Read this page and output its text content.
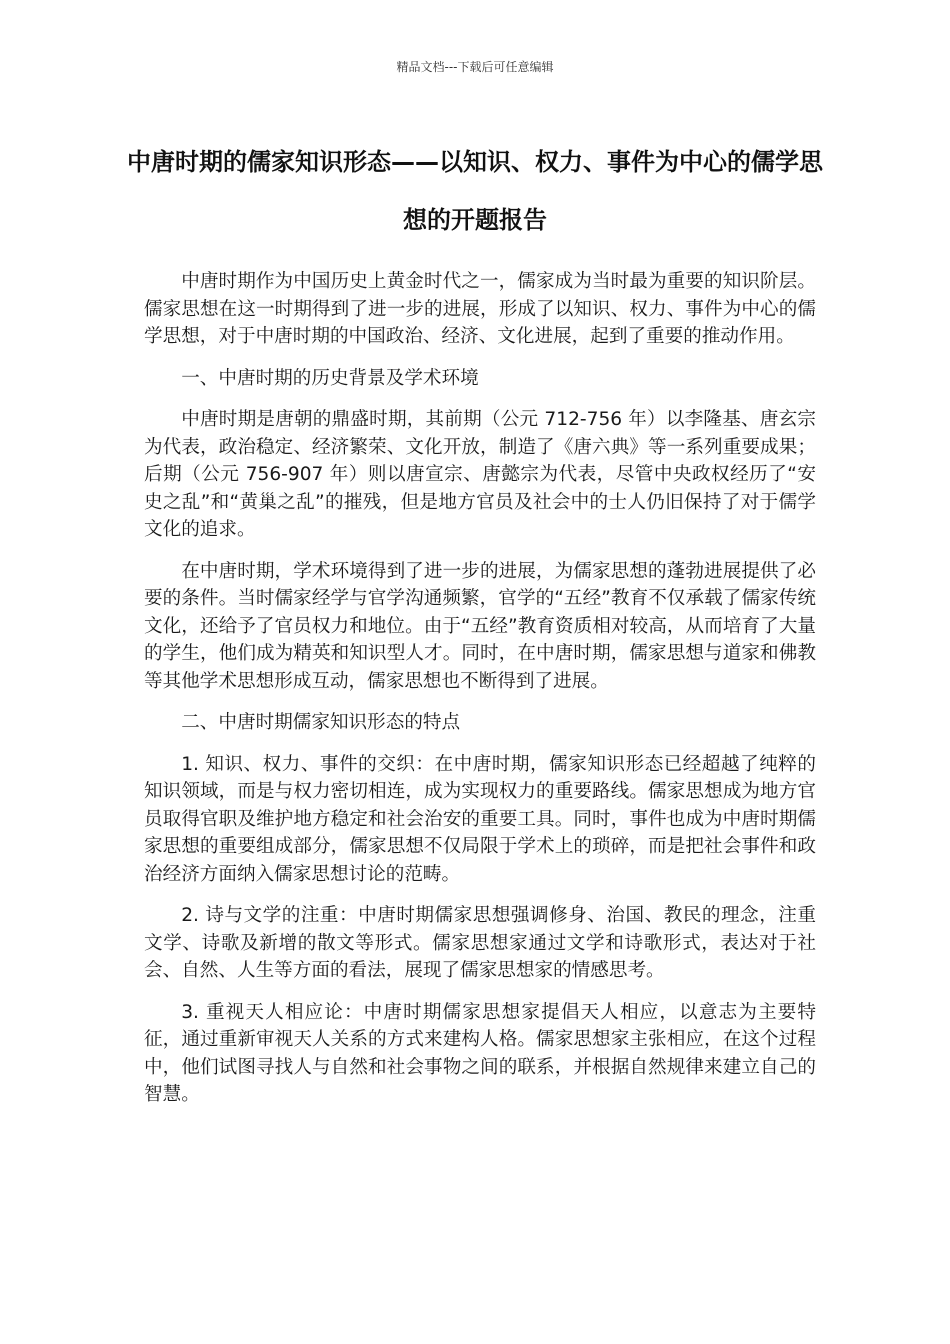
精品文档---下载后可任意编辑
中唐时期的儒家知识形态——以知识、权力、事件为中心的儒学思想的开题报告

中唐时期作为中国历史上黄金时代之一，儒家成为当时最为重要的知识阶层。儒家思想在这一时期得到了进一步的进展，形成了以知识、权力、事件为中心的儒学思想，对于中唐时期的中国政治、经济、文化进展，起到了重要的推动作用。

一、中唐时期的历史背景及学术环境

中唐时期是唐朝的鼎盛时期，其前期（公元 712-756 年）以李隆基、唐玄宗为代表，政治稳定、经济繁荣、文化开放，制造了《唐六典》等一系列重要成果；后期（公元 756-907 年）则以唐宣宗、唐懿宗为代表，尽管中央政权经历了“安史之乱”和“黄巢之乱”的摧残，但是地方官员及社会中的士人仍旧保持了对于儒学文化的追求。

在中唐时期，学术环境得到了进一步的进展，为儒家思想的蓬勃进展提供了必要的条件。当时儒家经学与官学沟通频繁，官学的“五经”教育不仅承载了儒家传统文化，还给予了官员权力和地位。由于“五经”教育资质相对较高，从而培育了大量的学生，他们成为精英和知识型人才。同时，在中唐时期，儒家思想与道家和佛教等其他学术思想形成互动，儒家思想也不断得到了进展。

二、中唐时期儒家知识形态的特点

1. 知识、权力、事件的交织：在中唐时期，儒家知识形态已经超越了纯粹的知识领域，而是与权力密切相连，成为实现权力的重要路线。儒家思想成为地方官员取得官职及维护地方稳定和社会治安的重要工具。同时，事件也成为中唐时期儒家思想的重要组成部分，儒家思想不仅局限于学术上的琐碎，而是把社会事件和政治经济方面纳入儒家思想讨论的范畴。

2. 诗与文学的注重：中唐时期儒家思想强调修身、治国、教民的理念，注重文学、诗歌及新增的散文等形式。儒家思想家通过文学和诗歌形式，表达对于社会、自然、人生等方面的看法，展现了儒家思想家的情感思考。

3. 重视天人相应论：中唐时期儒家思想家提倡天人相应，以意志为主要特征，通过重新审视天人关系的方式来建构人格。儒家思想家主张相应，在这个过程中，他们试图寻找人与自然和社会事物之间的联系，并根据自然规律来建立自己的智慧。
